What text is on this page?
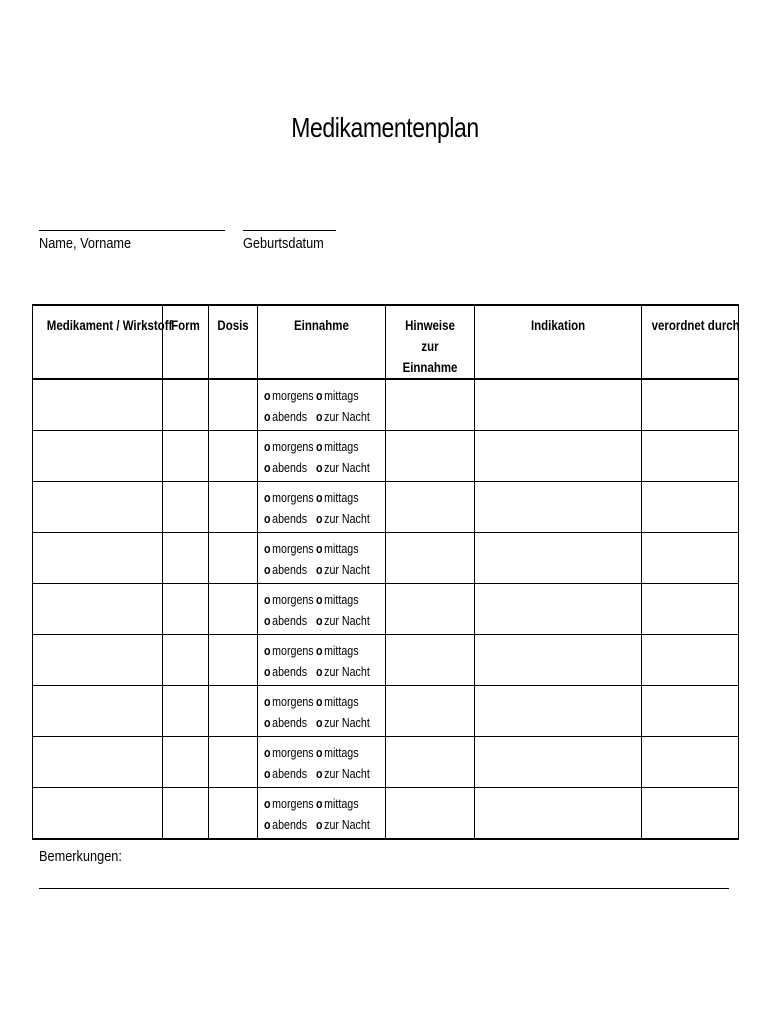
Medikamentenplan
Name, Vorname	Geburtsdatum
Medikament / Wirkstoff	Form	Dosis	Einnahme	Hinweise zur Einnahme	Indikation	verordnet durch

			o morgens o mittags
o abends o zur Nacht			

			o morgens o mittags
o abends o zur Nacht			

			o morgens o mittags
o abends o zur Nacht			

			o morgens o mittags
o abends o zur Nacht			

			o morgens o mittags
o abends o zur Nacht			

			o morgens o mittags
o abends o zur Nacht			

			o morgens o mittags
o abends o zur Nacht			

			o morgens o mittags
o abends o zur Nacht			

			o morgens o mittags
o abends o zur Nacht			

Bemerkungen:
